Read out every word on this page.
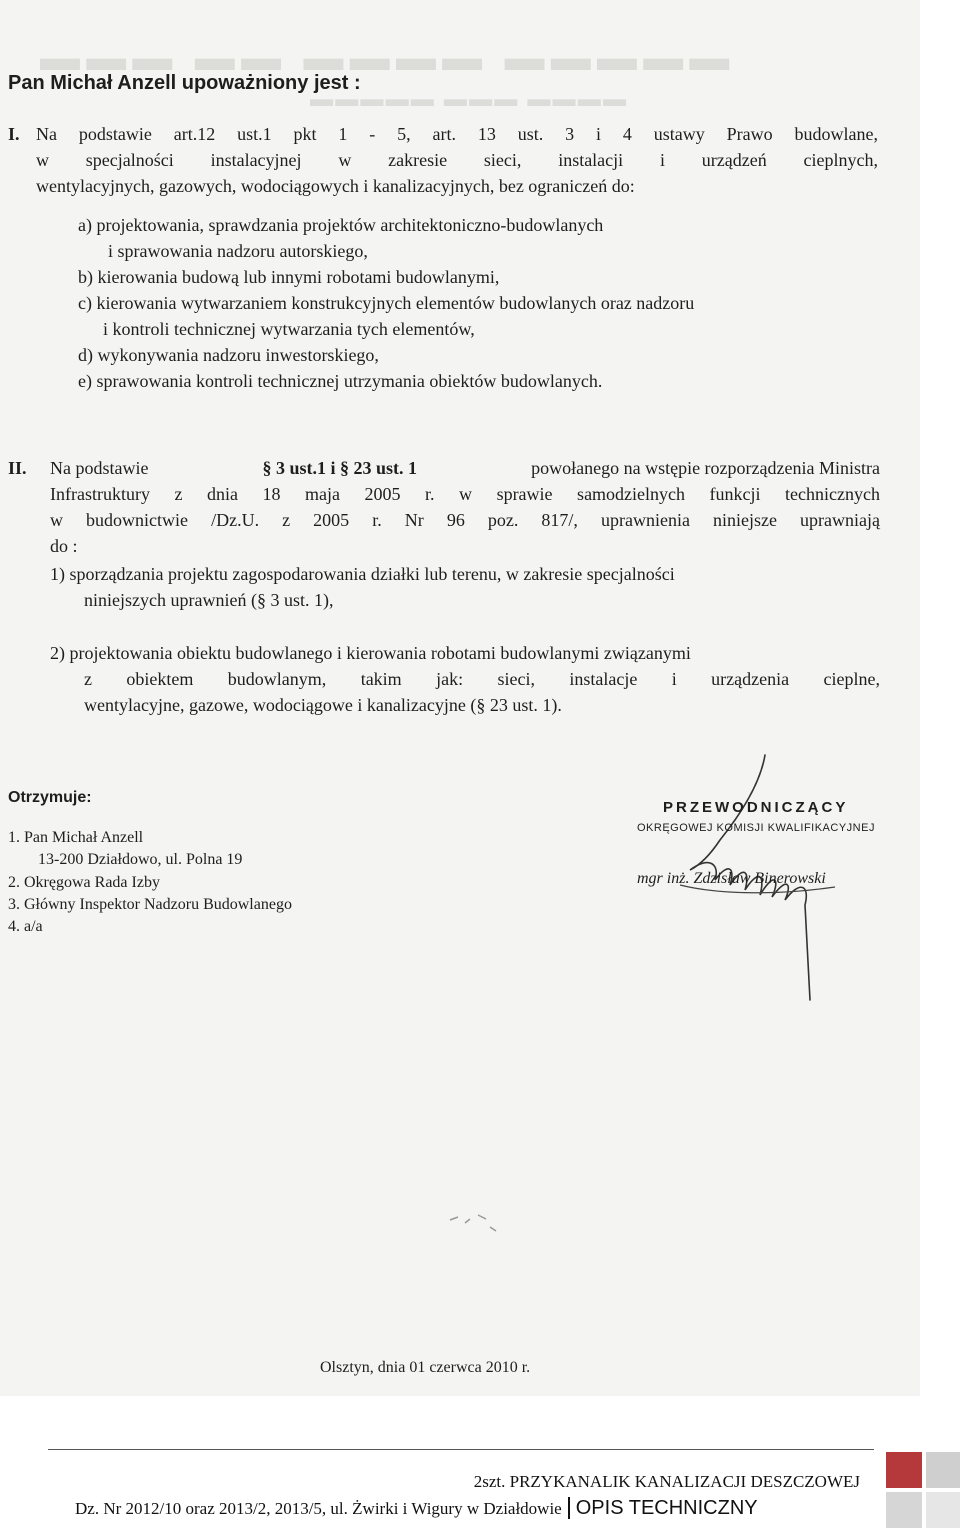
▬▬▬ ▬▬ ▬▬▬▬ ▬▬▬▬▬
▬▬▬▬▬ ▬▬▬ ▬▬▬▬
Pan Michał Anzell upoważniony jest :
I. Na podstawie art.12 ust.1 pkt 1 - 5, art. 13 ust. 3 i 4 ustawy Prawo budowlane,
w specjalności instalacyjnej w zakresie sieci, instalacji i urządzeń cieplnych,
wentylacyjnych, gazowych, wodociągowych i kanalizacyjnych, bez ograniczeń do:
a) projektowania, sprawdzania projektów architektoniczno-budowlanych
i sprawowania nadzoru autorskiego,
b) kierowania budową lub innymi robotami budowlanymi,
c) kierowania wytwarzaniem konstrukcyjnych elementów budowlanych oraz nadzoru
i kontroli technicznej wytwarzania tych elementów,
d) wykonywania nadzoru inwestorskiego,
e) sprawowania kontroli technicznej utrzymania obiektów budowlanych.
II. Na podstawie	§ 3 ust.1 i § 23 ust. 1	powołanego na wstępie rozporządzenia Ministra
Infrastruktury z dnia 18 maja 2005 r. w sprawie samodzielnych funkcji technicznych
w budownictwie /Dz.U. z 2005 r. Nr 96 poz. 817/, uprawnienia niniejsze uprawniają
do :
1) sporządzania projektu zagospodarowania działki lub terenu, w zakresie specjalności
niniejszych uprawnień (§ 3 ust. 1),
2) projektowania obiektu budowlanego i kierowania robotami budowlanymi związanymi
z obiektem budowlanym, takim jak: sieci, instalacje i urządzenia cieplne,
wentylacyjne, gazowe, wodociągowe i kanalizacyjne (§ 23 ust. 1).
Otrzymuje:
1. Pan Michał Anzell
13-200 Działdowo, ul. Polna 19
2. Okręgowa Rada Izby
3. Główny Inspektor Nadzoru Budowlanego
4. a/a
PRZEWODNICZĄCY
OKRĘGOWEJ KOMISJI KWALIFIKACYJNEJ
mgr inż. Zdzisław Binerowski
Olsztyn, dnia 01 czerwca 2010 r.
2szt. PRZYKANALIK KANALIZACJI DESZCZOWEJ
Dz. Nr 2012/10 oraz 2013/2, 2013/5, ul. Żwirki i Wigury w Działdowie OPIS TECHNICZNY
